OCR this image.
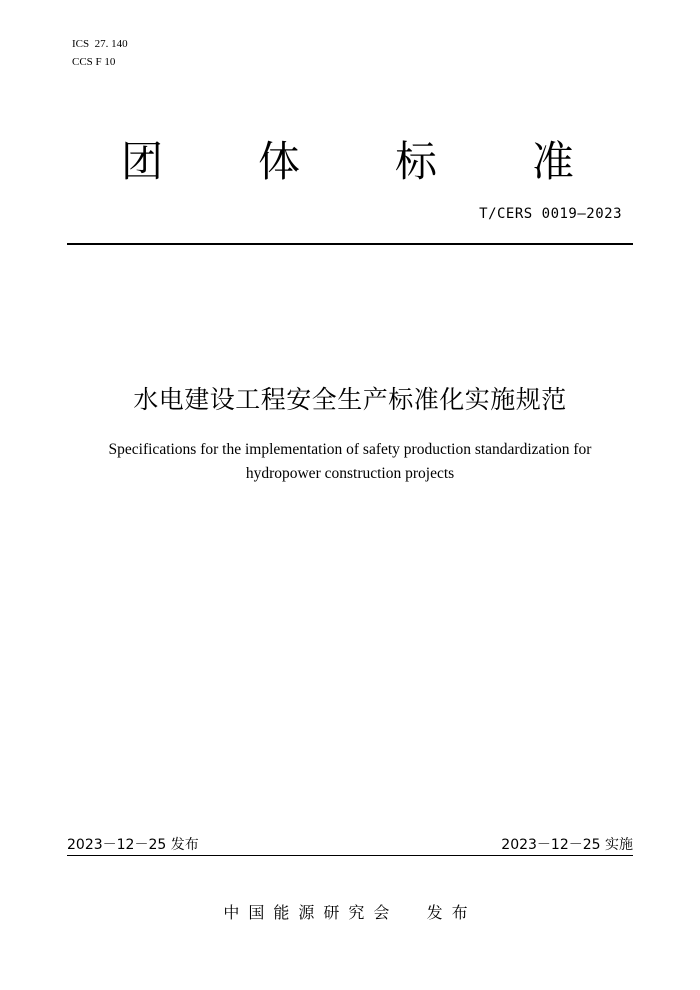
ICS  27. 140
CCS F 10
团 体 标 准
T/CERS 0019—2023
水电建设工程安全生产标准化实施规范
Specifications for the implementation of safety production standardization for
hydropower construction projects
2023－12－25 发布	2023－12－25 实施
中国能源研究会  发布
